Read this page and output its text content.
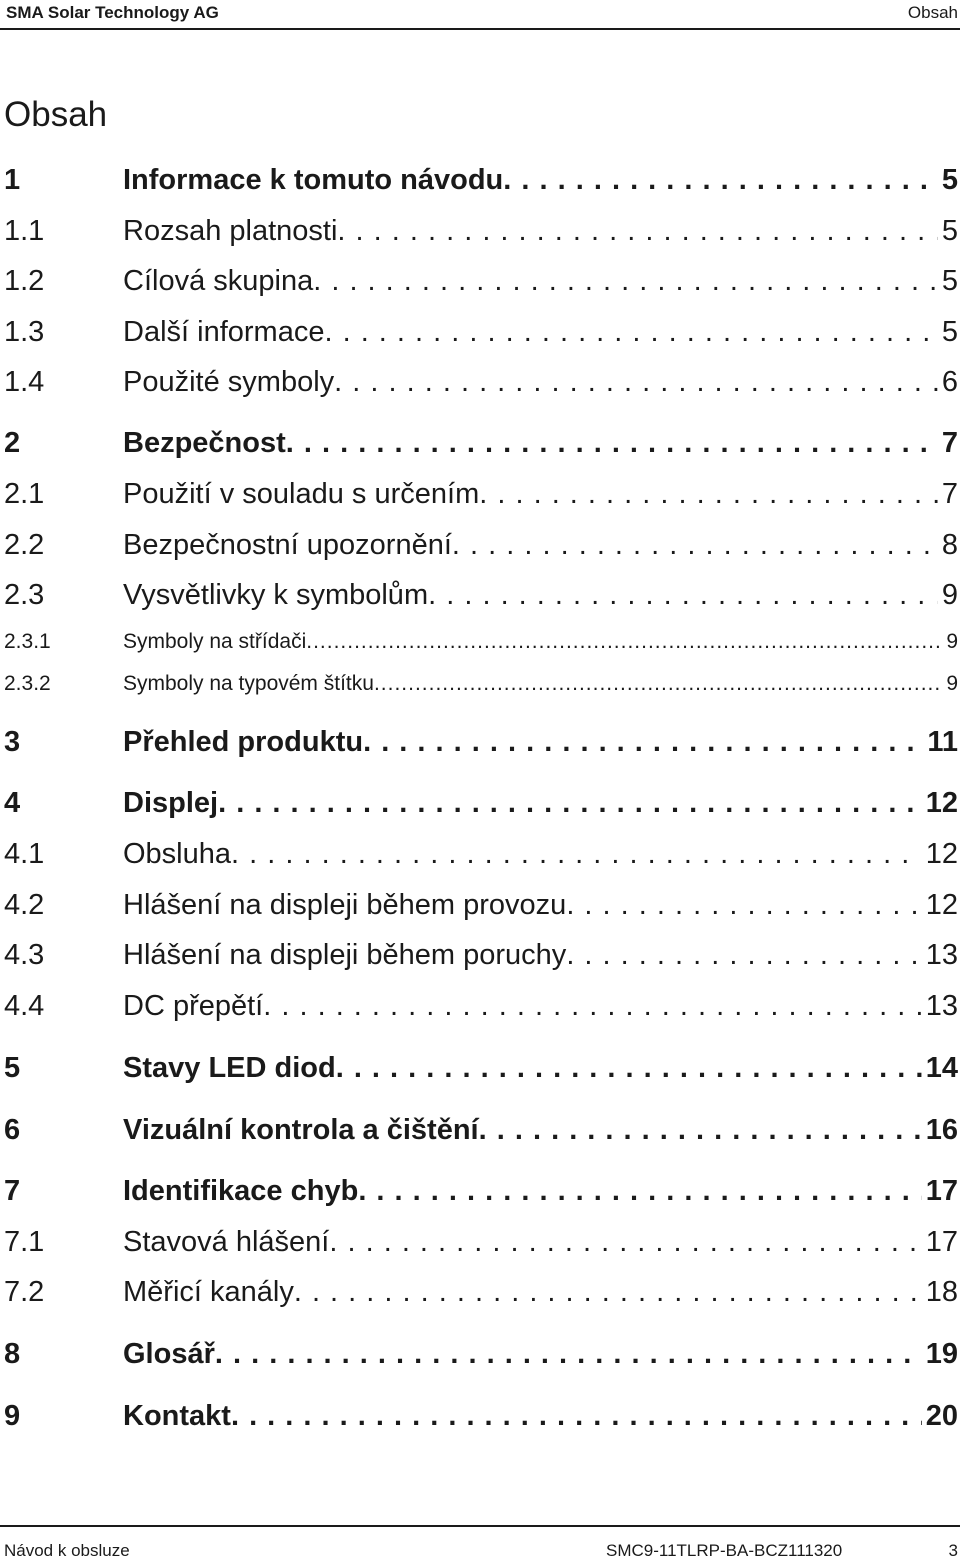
SMA Solar Technology AG	Obsah
Obsah
1	Informace k tomuto návodu . . .	5
1.1	Rozsah platnosti . . .	5
1.2	Cílová skupina . . .	5
1.3	Další informace . . .	5
1.4	Použité symboly . . .	6
2	Bezpečnost . . .	7
2.1	Použití v souladu s určením . . .	7
2.2	Bezpečnostní upozornění . . .	8
2.3	Vysvětlivky k symbolům . . .	9
2.3.1	Symboly na střídači .....	9
2.3.2	Symboly na typovém štítku .....	9
3	Přehled produktu . . .	11
4	Displej . . .	12
4.1	Obsluha . . .	12
4.2	Hlášení na displeji během provozu . . .	12
4.3	Hlášení na displeji během poruchy . . .	13
4.4	DC přepětí . . .	13
5	Stavy LED diod . . .	14
6	Vizuální kontrola a čištění . . .	16
7	Identifikace chyb . . .	17
7.1	Stavová hlášení . . .	17
7.2	Měřicí kanály . . .	18
8	Glosář . . .	19
9	Kontakt . . .	20
Návod k obsluze	SMC9-11TLRP-BA-BCZ111320	3
